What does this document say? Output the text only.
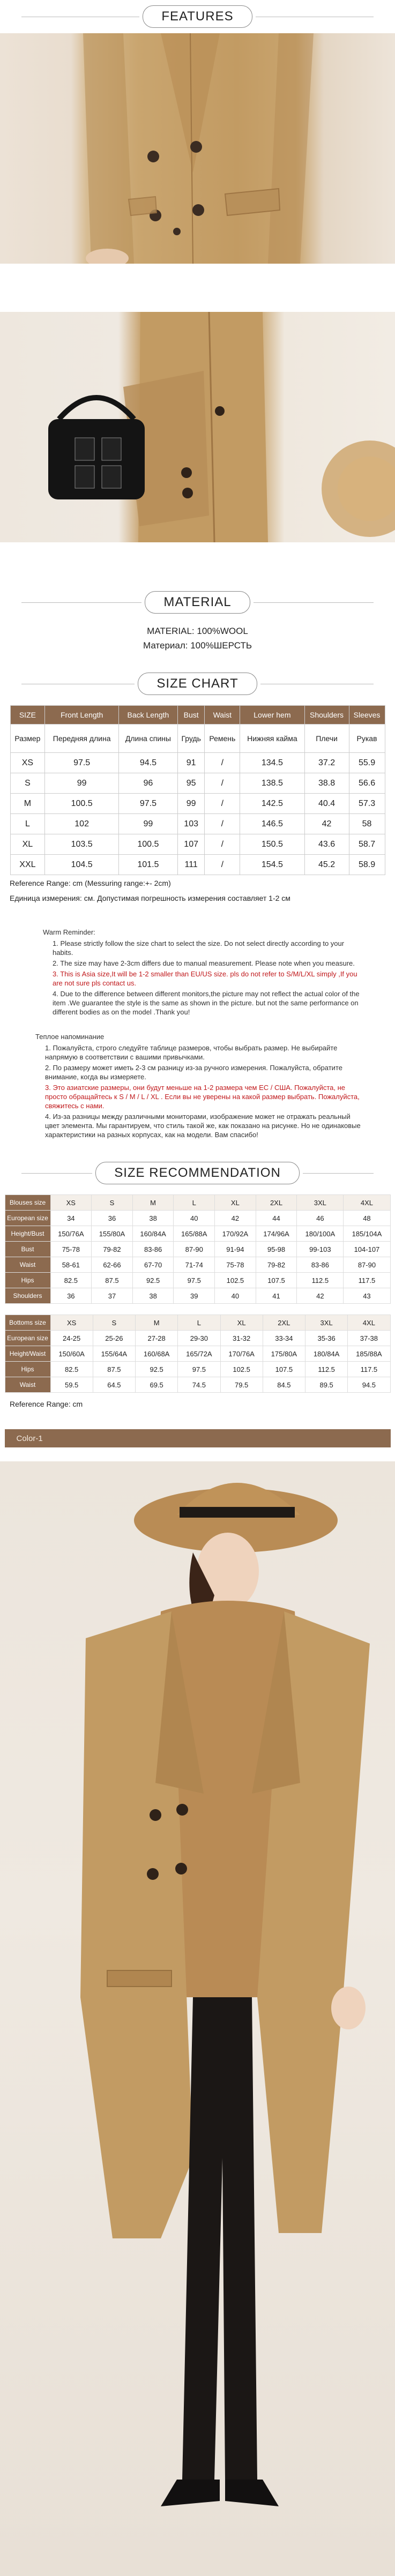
FEATURES
MATERIAL
MATERIAL: 100%WOOL
Материал: 100%ШЕРСТЬ
SIZE CHART
SIZE	Front Length	Back Length	Bust	Waist	Lower hem	Shoulders	Sleeves
Размер	Передняя длина	Длина спины	Грудь	Ремень	Нижняя кайма	Плечи	Рукав
XS	97.5	94.5	91	/	134.5	37.2	55.9
S	99	96	95	/	138.5	38.8	56.6
M	100.5	97.5	99	/	142.5	40.4	57.3
L	102	99	103	/	146.5	42	58
XL	103.5	100.5	107	/	150.5	43.6	58.7
XXL	104.5	101.5	111	/	154.5	45.2	58.9
Reference Range: cm (Messuring range:+- 2cm)
Единица измерения: см. Допустимая погрешность измерения составляет 1-2 см
Warm Reminder:
1. Please strictly follow the size chart to select the size. Do not select directly according to your habits.
2. The size may have 2-3cm differs due to manual measurement. Please note when you measure.
3. This is Asia size,It will be 1-2 smaller than EU/US size. pls do not refer to S/M/L/XL simply ,If you are not sure pls contact us.
4. Due to the difference between different monitors,the picture may not reflect the actual color of the item .We guarantee the style is the same as shown in the picture. but not the same performance on different bodies as on the model .Thank you!
Теплое напоминание
1. Пожалуйста, строго следуйте таблице размеров, чтобы выбрать размер. Не выбирайте напрямую в соответствии с вашими привычками.
2. По размеру может иметь 2-3 см разницу из-за ручного измерения. Пожалуйста, обратите внимание, когда вы измеряете.
3. Это азиатские размеры, они будут меньше на 1-2 размера чем ЕС / США. Пожалуйста, не просто обращайтесь к S / M / L / XL . Если вы не уверены на какой размер выбрать. Пожалуйста, свяжитесь с нами.
4. Из-за разницы между различными мониторами, изображение может не отражать реальный цвет элемента. Мы гарантируем, что стиль такой же, как показано на рисунке. Но не одинаковые характеристики на разных корпусах, как на модели. Вам спасибо!
SIZE RECOMMENDATION
Blouses size	XS	S	M	L	XL	2XL	3XL	4XL
European size	34	36	38	40	42	44	46	48
Height/Bust	150/76A	155/80A	160/84A	165/88A	170/92A	174/96A	180/100A	185/104A
Bust	75-78	79-82	83-86	87-90	91-94	95-98	99-103	104-107
Waist	58-61	62-66	67-70	71-74	75-78	79-82	83-86	87-90
Hips	82.5	87.5	92.5	97.5	102.5	107.5	112.5	117.5
Shoulders	36	37	38	39	40	41	42	43
Bottoms size	XS	S	M	L	XL	2XL	3XL	4XL
European size	24-25	25-26	27-28	29-30	31-32	33-34	35-36	37-38
Height/Waist	150/60A	155/64A	160/68A	165/72A	170/76A	175/80A	180/84A	185/88A
Hips	82.5	87.5	92.5	97.5	102.5	107.5	112.5	117.5
Waist	59.5	64.5	69.5	74.5	79.5	84.5	89.5	94.5
Reference Range: cm
Color-1
